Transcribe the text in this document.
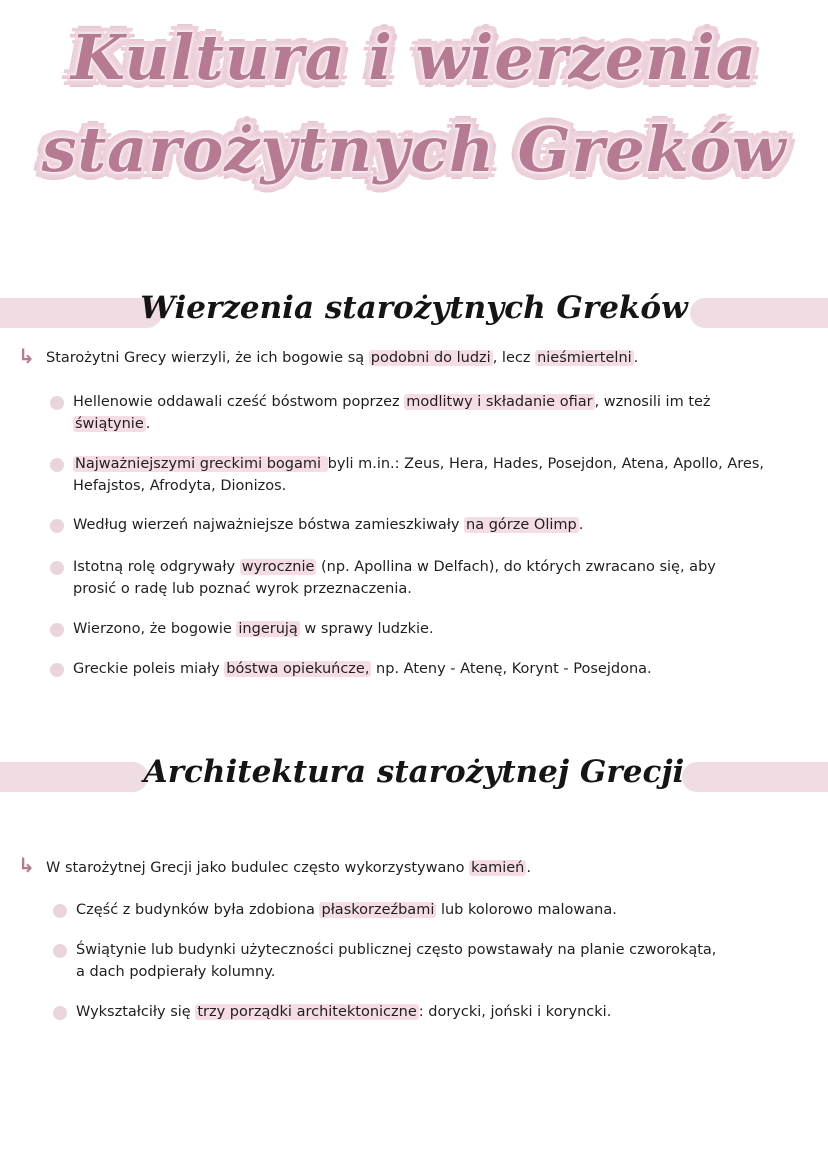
Kultura i wierzenia
starożytnych Greków
Wierzenia starożytnych Greków
↳ Starożytni Grecy wierzyli, że ich bogowie są podobni do ludzi , lecz nieśmiertelni .
Hellenowie oddawali cześć bóstwom poprzez modlitwy i składanie ofiar , wznosili im też
świątynie .
Najważniejszymi greckimi bogami byli m.in.: Zeus, Hera, Hades, Posejdon, Atena, Apollo, Ares,
Hefajstos, Afrodyta, Dionizos.
Według wierzeń najważniejsze bóstwa zamieszkiwały na górze Olimp .
Istotną rolę odgrywały wyrocznie (np. Apollina w Delfach), do których zwracano się, aby
prosić o radę lub poznać wyrok przeznaczenia.
Wierzono, że bogowie ingerują w sprawy ludzkie.
Greckie poleis miały bóstwa opiekuńcze, np. Ateny - Atenę, Korynt - Posejdona.
Architektura starożytnej Grecji
↳ W starożytnej Grecji jako budulec często wykorzystywano kamień .
Część z budynków była zdobiona płaskorzeźbami lub kolorowo malowana.
Świątynie lub budynki użyteczności publicznej często powstawały na planie czworokąta,
a dach podpierały kolumny.
Wykształciły się trzy porządki architektoniczne : dorycki, joński i koryncki.
